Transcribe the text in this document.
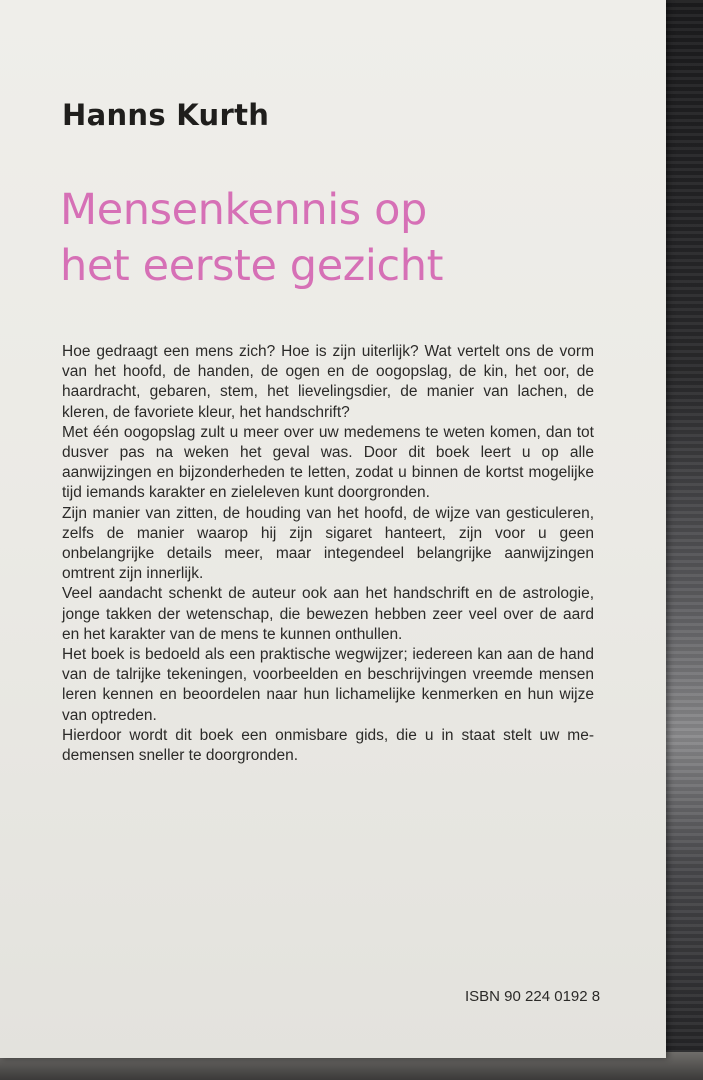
Hanns Kurth
Mensenkennis op
het eerste gezicht

Hoe gedraagt een mens zich? Hoe is zijn uiterlijk? Wat vertelt ons de vorm van het hoofd, de handen, de ogen en de oogopslag, de kin, het oor, de haardracht, gebaren, stem, het lievelingsdier, de manier van lachen, de kleren, de favoriete kleur, het handschrift?

Met één oogopslag zult u meer over uw medemens te weten komen, dan tot dusver pas na weken het geval was. Door dit boek leert u op alle aanwijzingen en bijzonderheden te letten, zodat u binnen de kortst mogelijke tijd iemands karakter en zieleleven kunt doorgronden.

Zijn manier van zitten, de houding van het hoofd, de wijze van gesticuleren, zelfs de manier waarop hij zijn sigaret hanteert, zijn voor u geen onbelangrijke details meer, maar integendeel belangrijke aanwijzingen omtrent zijn innerlijk.

Veel aandacht schenkt de auteur ook aan het handschrift en de astrologie, jonge takken der wetenschap, die bewezen hebben zeer veel over de aard en het karakter van de mens te kunnen onthullen.

Het boek is bedoeld als een praktische wegwijzer; iedereen kan aan de hand van de talrijke tekeningen, voorbeelden en beschrijvingen vreemde mensen leren kennen en beoordelen naar hun lichamelijke kenmerken en hun wijze van optreden.

Hierdoor wordt dit boek een onmisbare gids, die u in staat stelt uw medemensen sneller te doorgronden.

ISBN 90 224 0192 8
